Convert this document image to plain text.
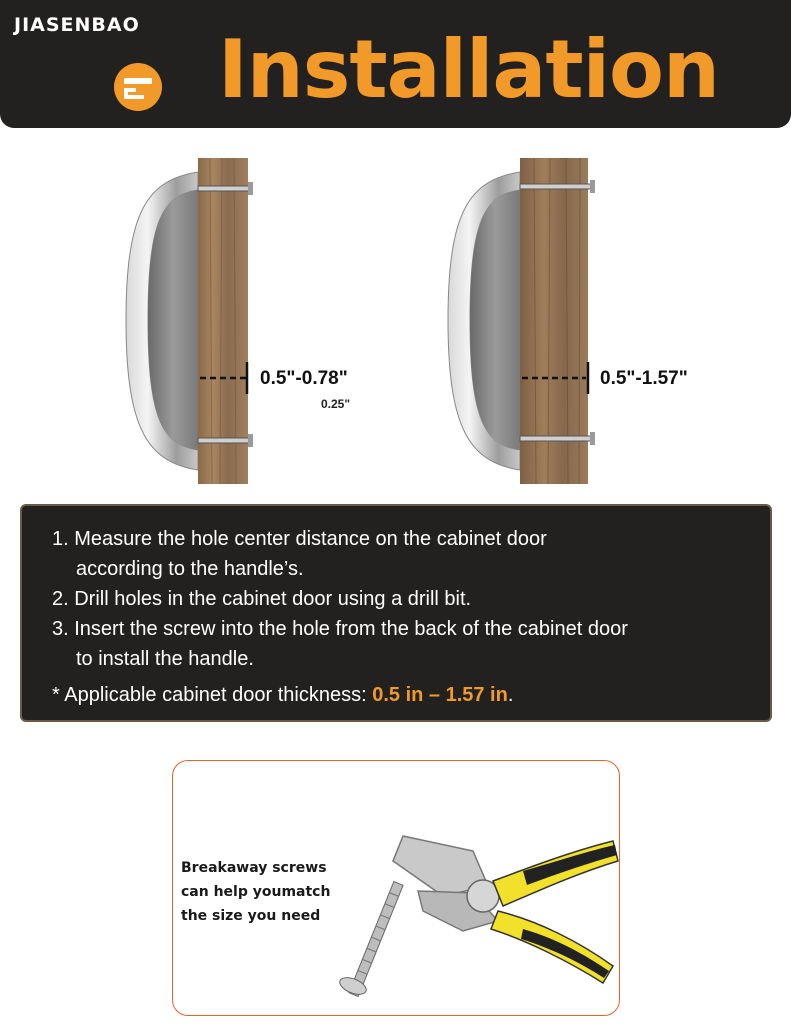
JIASENBAO Installation
0.25"
0.5"-0.78"	0.5"-1.57"

1. Measure the hole center distance on the cabinet door

according to the handle’s.

2. Drill holes in the cabinet door using a drill bit.

3. Insert the screw into the hole from the back of the cabinet door

to install the handle.

* Applicable cabinet door thickness: 0.5 in – 1.57 in.

Breakaway screws
can help youmatch
the size you need
